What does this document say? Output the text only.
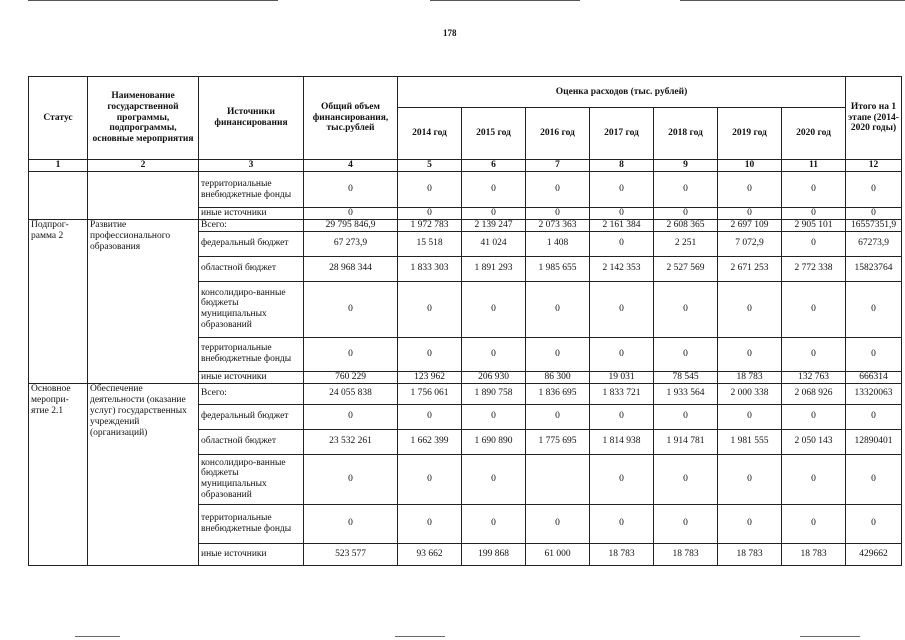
178
Статус	Наименование государственной программы, подпрограммы, основные мероприятия	Источники финансирования	Общий объем финансирования, тыс.рублей	Оценка расходов (тыс. рублей)							Итого на 1 этапе (2014-2020 годы)
				2014 год	2015 год	2016 год	2017 год	2018 год	2019 год	2020 год	
1	2	3	4	5	6	7	8	9	10	11	12
		территориальные внебюджетные фонды	0	0	0	0	0	0	0	0	0
		иные источники	0	0	0	0	0	0	0	0	0
Подпрог-рамма 2	Развитие профессионального образования	Всего:	29 795 846,9	1 972 783	2 139 247	2 073 363	2 161 384	2 608 365	2 697 109	2 905 101	16557351,9
		федеральный бюджет	67 273,9	15 518	41 024	1 408	0	2 251	7 072,9	0	67273,9
		областной бюджет	28 968 344	1 833 303	1 891 293	1 985 655	2 142 353	2 527 569	2 671 253	2 772 338	15823764
		консолидиро-ванные бюджеты муниципальных образований	0	0	0	0	0	0	0	0	0
		территориальные внебюджетные фонды	0	0	0	0	0	0	0	0	0
		иные источники	760 229	123 962	206 930	86 300	19 031	78 545	18 783	132 763	666314
Основное меропри-ятие 2.1	Обеспечение деятельности (оказание услуг) государственных учреждений (организаций)	Всего:	24 055 838	1 756 061	1 890 758	1 836 695	1 833 721	1 933 564	2 000 338	2 068 926	13320063
		федеральный бюджет	0	0	0	0	0	0	0	0	0
		областной бюджет	23 532 261	1 662 399	1 690 890	1 775 695	1 814 938	1 914 781	1 981 555	2 050 143	12890401
		консолидиро-ванные бюджеты муниципальных образований	0	0	0		0	0	0	0	0
		территориальные внебюджетные фонды	0	0	0	0	0	0	0	0	0
		иные источники	523 577	93 662	199 868	61 000	18 783	18 783	18 783	18 783	429662
